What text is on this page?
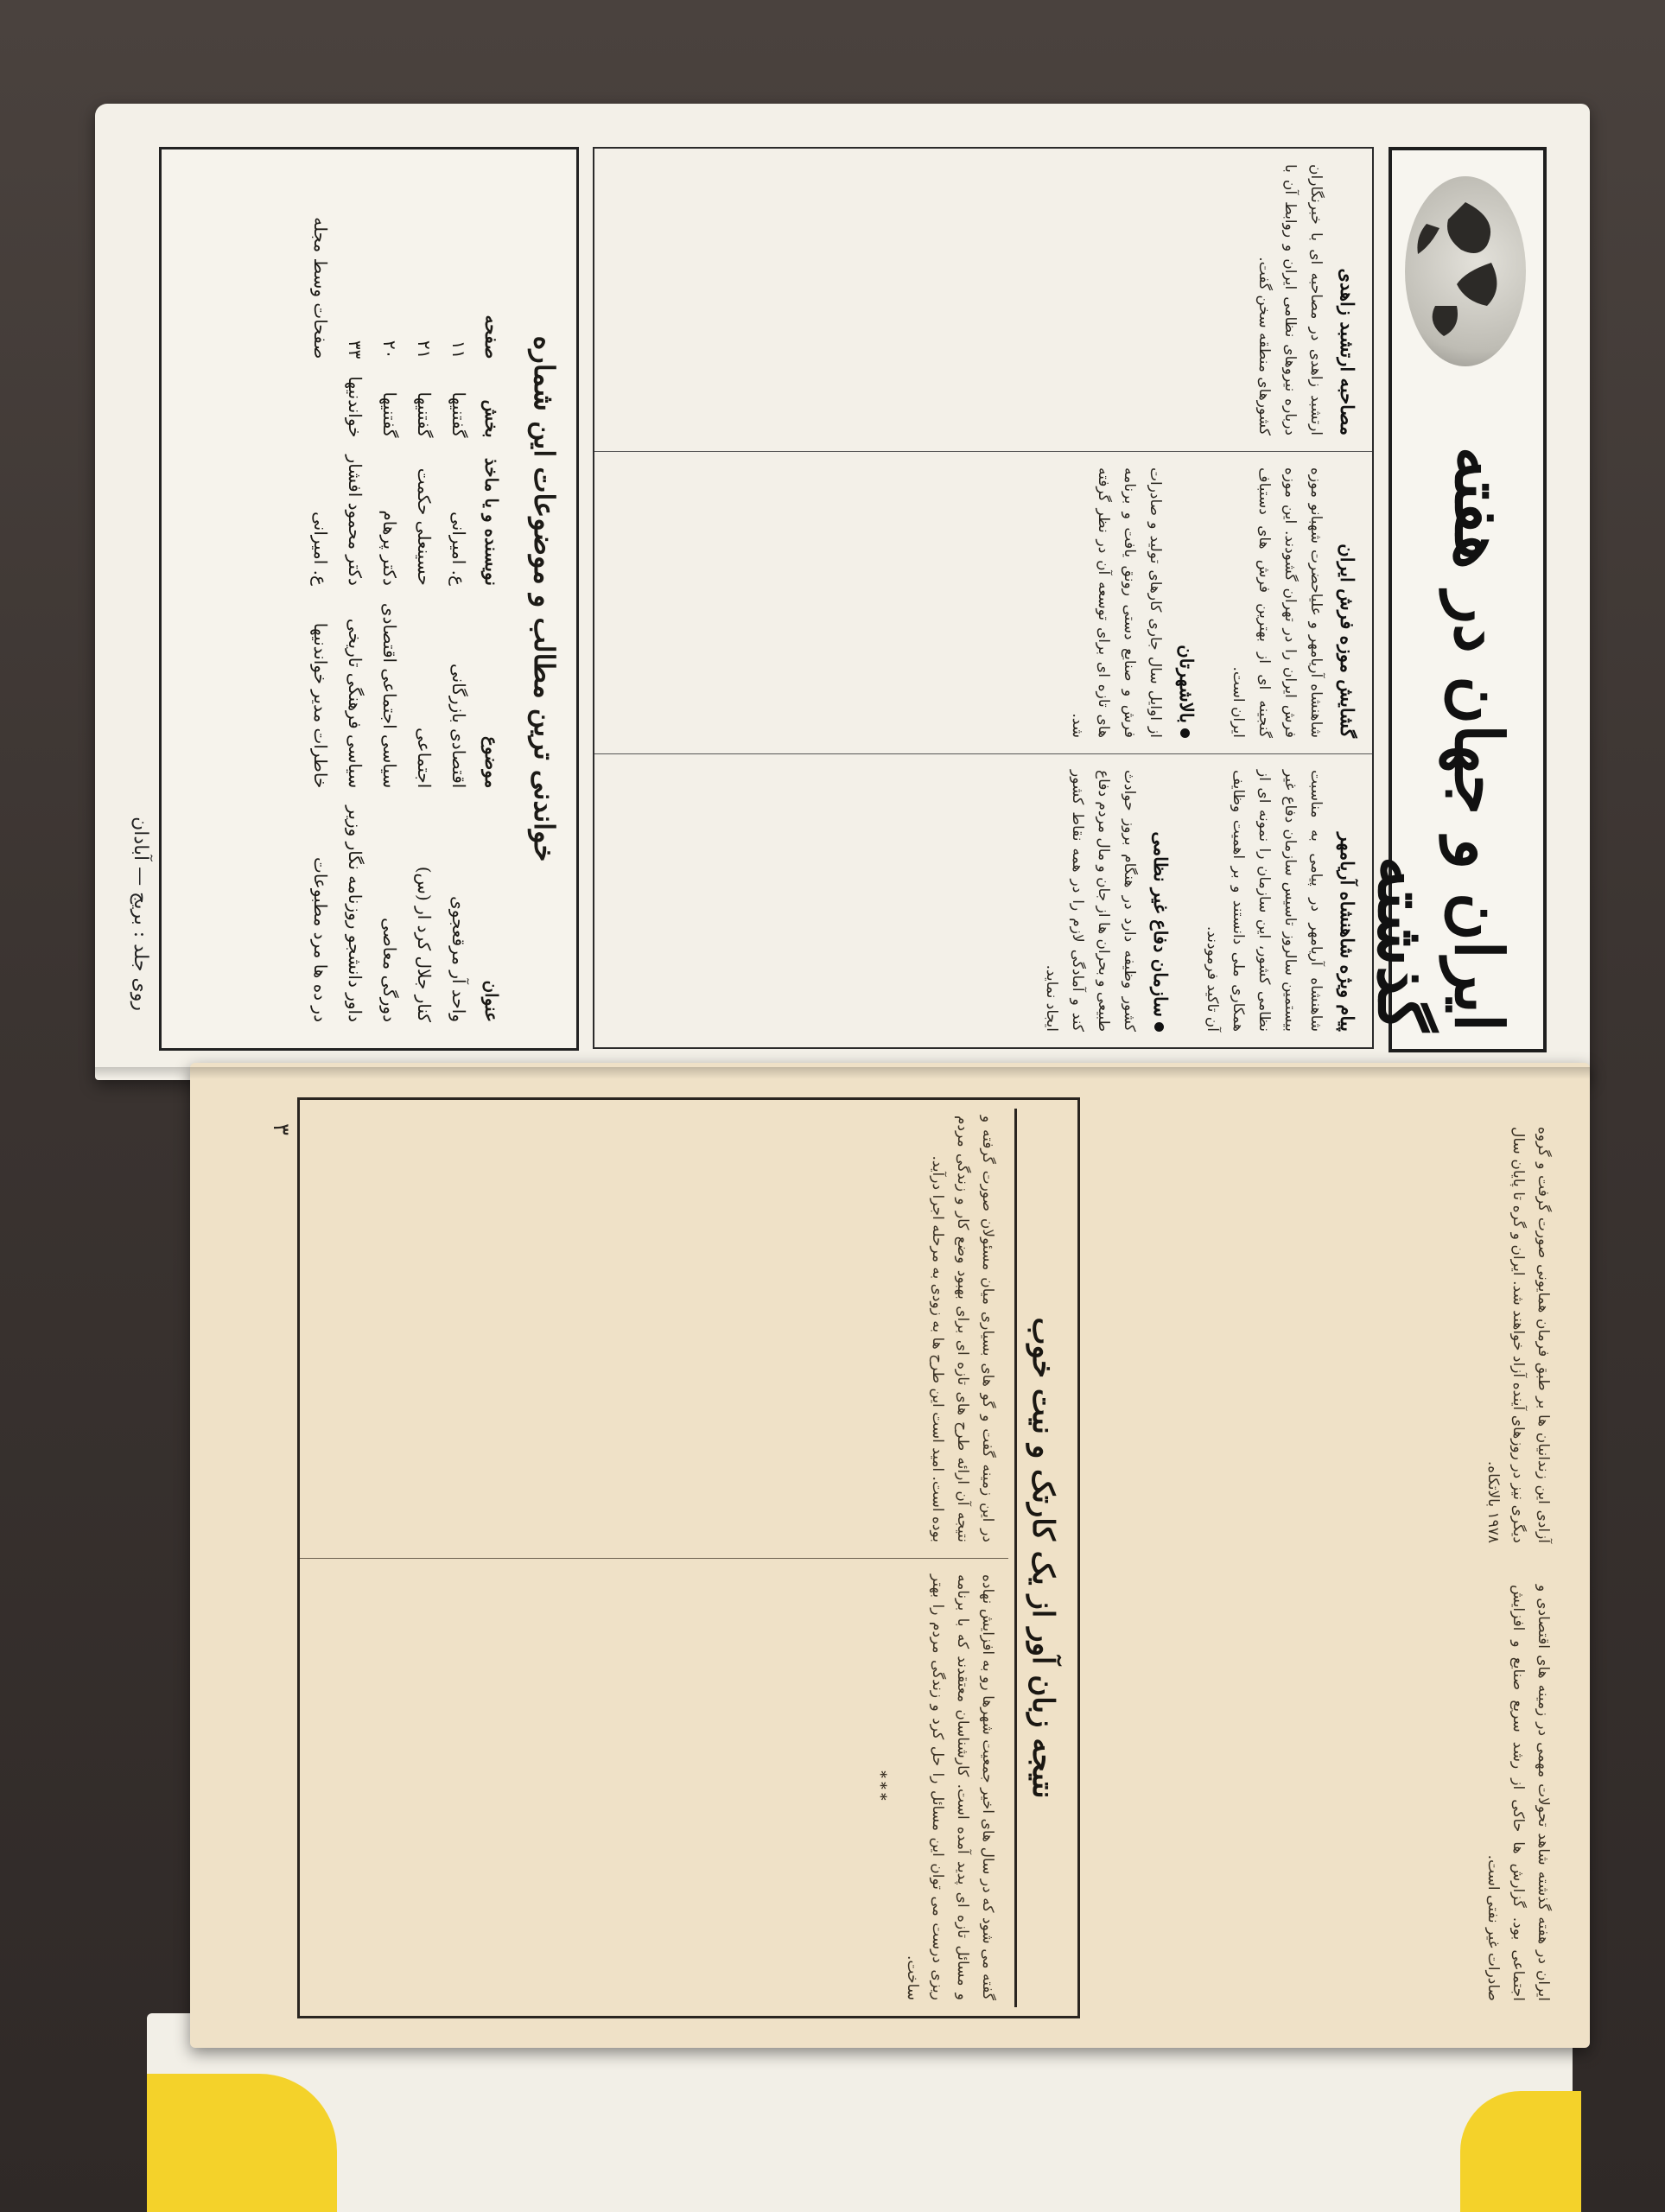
ایران و جهان در هفته گذشته
پیام ویژه شاهنشاه آریامهر
شاهنشاه آریامهر در پیامی به مناسبت بیستمین سالروز تاسیس سازمان دفاع غیر نظامی کشور، این سازمان را نمونه ای از همکاری ملی دانستند و بر اهمیت وظایف آن تاکید فرمودند.

سازمان دفاع غیر نظامی
کشور وظیفه دارد در هنگام بروز حوادث طبیعی و بحران ها از جان و مال مردم دفاع کند و آمادگی لازم را در همه نقاط کشور ایجاد نماید.
گشایش موزه فرش ایران
شاهنشاه آریامهر و علیاحضرت شهبانو موزه فرش ایران را در تهران گشودند. این موزه گنجینه ای از بهترین فرش های دستباف ایران است.

بالاشهرتان
از اوایل سال جاری کارهای تولید و صادرات فرش و صنایع دستی رونق یافت و برنامه های تازه ای برای توسعه آن در نظر گرفته شد.
مصاحبه ارتشبد زاهدی
ارتشبد زاهدی در مصاحبه ای با خبرنگاران درباره نیروهای نظامی ایران و روابط آن با کشورهای منطقه سخن گفت.
خواندنی ترین مطالب و موضوعات این شماره
عنوان	موضوع	نویسنده و یا ماخذ	بخش	صفحه
واحد آر مرقعجوی	اقتصادی بازرگانی	ع. امیرانی	گفتنیها	۱۱
کنار جلال کرد ار (س)	اجتماعی	حسینعلی حکمت	گفتنیها	۲۱
دورگی معاصی	سیاسی اجتماعی اقتصادی	دکتر پرهام	گفتنیها	۲۰
داور دانشجو روزنامه نگار وزیر	سیاسی فرهنگی تاریخی	دکتر محمود افشار	خواندنیها	۳۳
در ده ها مرد مطبوعات	خاطرات مدیر خواندنیها	ع. امیرانی		صفحات وسط مجله
روی جلد : بریج — آبادان
ایران در هفته گذشته شاهد تحولات مهمی در زمینه های اقتصادی و اجتماعی بود. گزارش ها حاکی از رشد سریع صنایع و افزایش صادرات غیر نفتی است.
آزادی این زندانیان ها بر طبق فرمان همایونی صورت گرفت و گروه دیگری نیز در روزهای آینده آزاد خواهند شد. ایران و گره تا پایان سال ۱۹۷۸ بالاتکاه.
نتیجه زبان آور از یک کارتک و نیت خوب
گفته می شود که در سال های اخیر جمعیت شهرها رو به افزایش نهاده و مسائل تازه ای پدید آمده است. کارشناسان معتقدند که با برنامه ریزی درست می توان این مسائل را حل کرد و زندگی مردم را بهتر ساخت.
***
در این زمینه گفت و گو های بسیاری میان مسئولان صورت گرفته و نتیجه آن ارائه طرح های تازه ای برای بهبود وضع کار و زندگی مردم بوده است. امید است این طرح ها به زودی به مرحله اجرا درآید.
۳
